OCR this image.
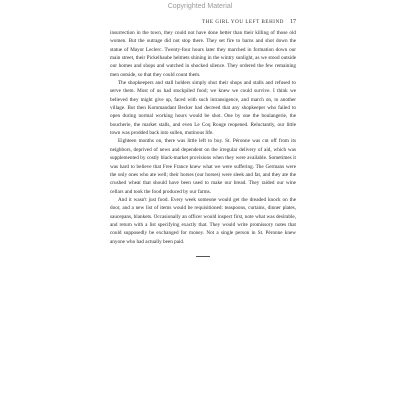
Copyrighted Material
THE GIRL YOU LEFT BEHIND 17

insurrection in the town, they could not have done better than their killing of those old women. But the outrage did not stop there. They set fire to barns and shot down the statue of Mayor Leclerc. Twenty-four hours later they marched in formation down our main street, their Pickelhaube helmets shining in the wintry sunlight, as we stood outside our homes and shops and watched in shocked silence. They ordered the few remaining men outside, so that they could count them.

The shopkeepers and stall holders simply shut their shops and stalls and refused to serve them. Most of us had stockpiled food; we knew we could survive. I think we believed they might give up, faced with such intransigence, and march on, to another village. But then Kommandant Becker had decreed that any shopkeeper who failed to open during normal working hours would be shot. One by one the boulangerie, the boucherie, the market stalls, and even Le Coq Rouge reopened. Reluctantly, our little town was prodded back into sullen, mutinous life.

Eighteen months on, there was little left to buy. St. Péronne was cut off from its neighbors, deprived of news and dependent on the irregular delivery of aid, which was supplemented by costly black-market provisions when they were available. Sometimes it was hard to believe that Free France knew what we were suffering. The Germans were the only ones who ate well; their horses (our horses) were sleek and fat, and they ate the crushed wheat that should have been used to make our bread. They raided our wine cellars and took the food produced by our farms.

And it wasn't just food. Every week someone would get the dreaded knock on the door, and a new list of items would be requisitioned: teaspoons, curtains, dinner plates, saucepans, blankets. Occasionally an officer would inspect first, note what was desirable, and return with a list specifying exactly that. They would write promissory notes that could supposedly be exchanged for money. Not a single person in St. Péronne knew anyone who had actually been paid.
